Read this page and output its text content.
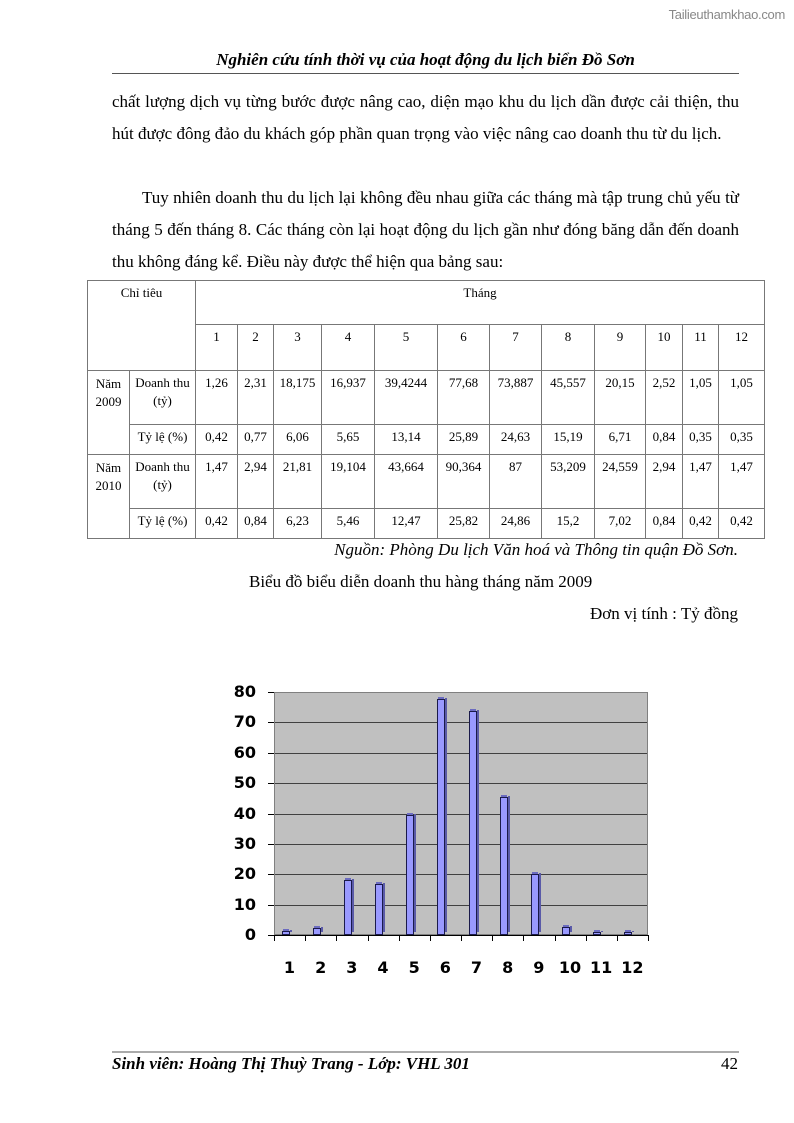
Tailieuthamkhao.com
Nghiên cứu tính thời vụ của hoạt động du lịch biển Đồ Sơn

chất lượng dịch vụ từng bước được nâng cao, diện mạo khu du lịch dần được cải thiện, thu hút được đông đảo du khách góp phần quan trọng vào việc nâng cao doanh thu từ du lịch.

Tuy nhiên doanh thu du lịch lại không đều nhau giữa các tháng mà tập trung chủ yếu từ tháng 5 đến tháng 8. Các tháng còn lại hoạt động du lịch gần như đóng băng dẫn đến doanh thu không đáng kể. Điều này được thể hiện qua bảng sau:

Chỉ tiêu		Tháng											
		1	2	3	4	5	6	7	8	9	10	11	12
Năm 2009	Doanh thu (tỷ)	1,26	2,31	18,175	16,937	39,4244	77,68	73,887	45,557	20,15	2,52	1,05	1,05
	Tỷ lệ (%)	0,42	0,77	6,06	5,65	13,14	25,89	24,63	15,19	6,71	0,84	0,35	0,35
Năm 2010	Doanh thu (tỷ)	1,47	2,94	21,81	19,104	43,664	90,364	87	53,209	24,559	2,94	1,47	1,47
	Tỷ lệ (%)	0,42	0,84	6,23	5,46	12,47	25,82	24,86	15,2	7,02	0,84	0,42	0,42
Nguồn: Phòng Du lịch Văn hoá và Thông tin quận Đồ Sơn.
Biểu đồ biểu diễn doanh thu hàng tháng năm 2009
Đơn vị tính : Tỷ đồng
0
10
20
30
40
50
60
70
80
1	2	3	4	5	6	7	8	9 10 11 12
Sinh viên: Hoàng Thị Thuỳ Trang - Lớp: VHL 301	42
